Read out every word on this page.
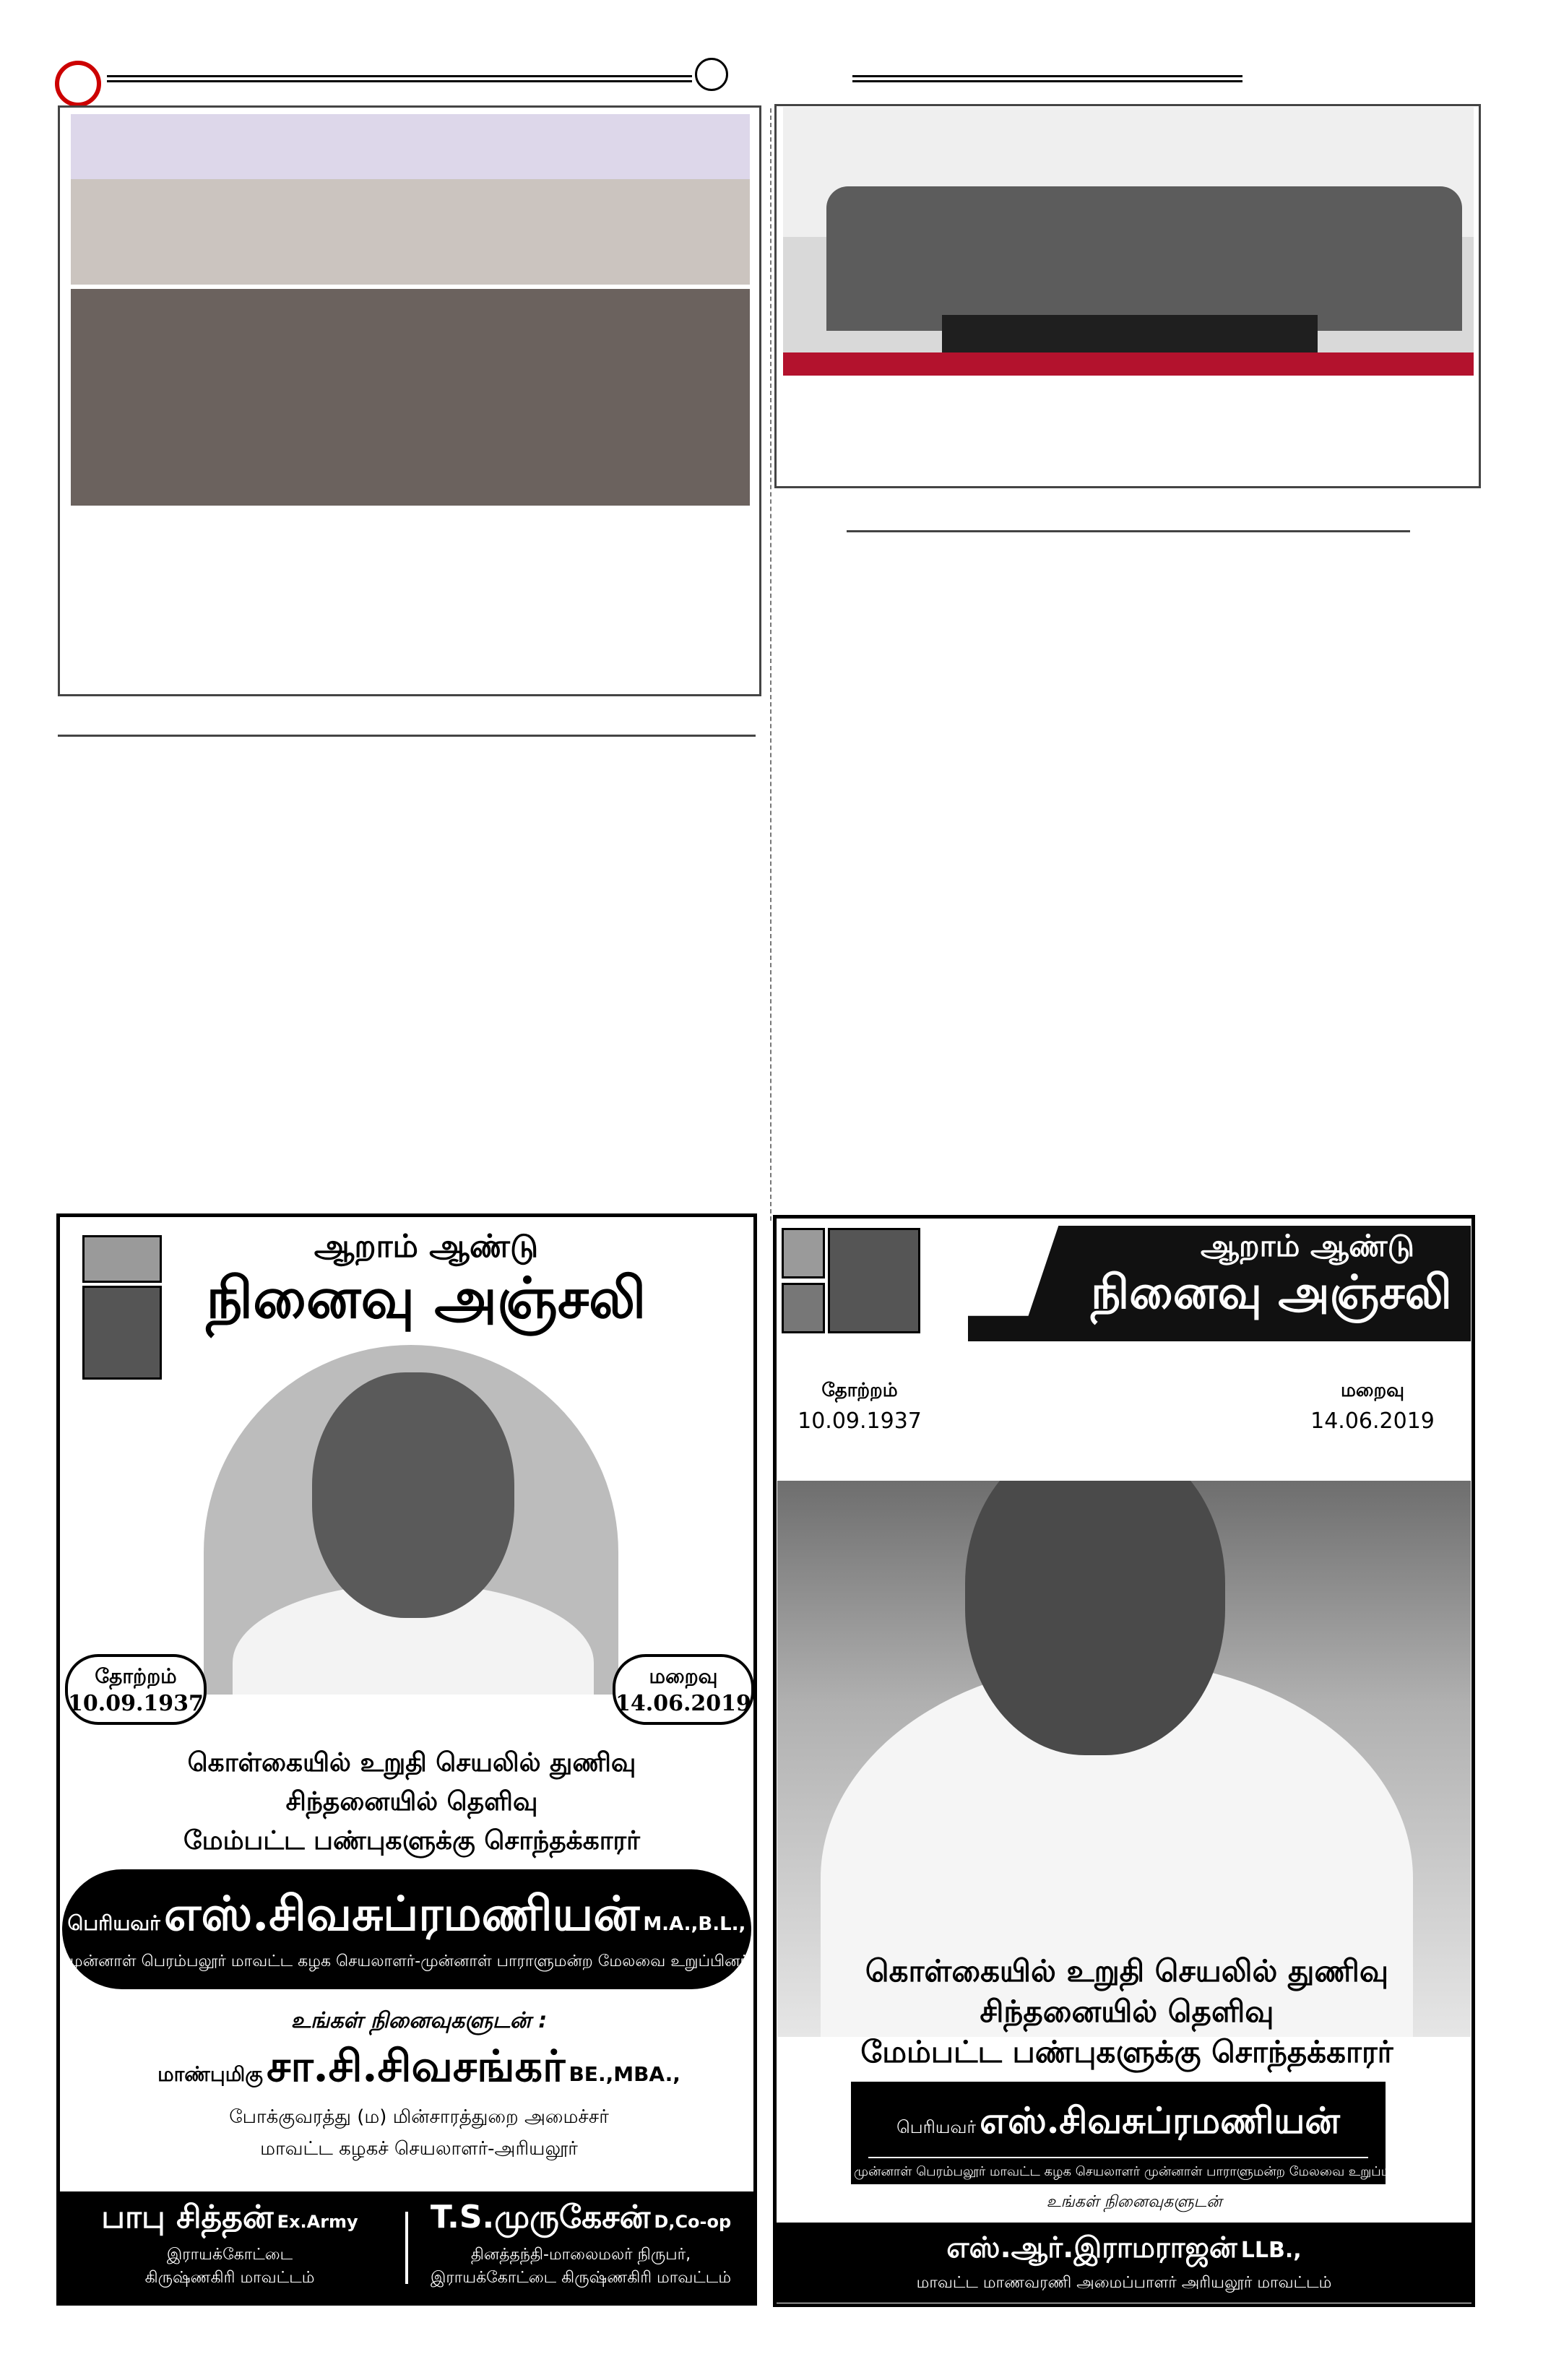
ஆறாம் ஆண்டு
நினைவு அஞ்சலி
தோற்றம்
10.09.1937
மறைவு
14.06.2019
கொள்கையில் உறுதி செயலில் துணிவு
சிந்தனையில் தெளிவு
மேம்பட்ட பண்புகளுக்கு சொந்தக்காரர்
பெரியவர் எஸ்.சிவசுப்ரமணியன் M.A.,B.L.,
முன்னாள் பெரம்பலூர் மாவட்ட கழக செயலாளர்-முன்னாள் பாராளுமன்ற மேலவை உறுப்பினர்
உங்கள் நினைவுகளுடன் :
மாண்புமிகு சா.சி.சிவசங்கர் BE.,MBA.,
போக்குவரத்து (ம) மின்சாரத்துறை அமைச்சர்
மாவட்ட கழகச் செயலாளர்-அரியலூர்
பாபு சித்தன் Ex.Army
இராயக்கோட்டை
கிருஷ்ணகிரி மாவட்டம்
T.S.முருகேசன் D,Co-op
தினத்தந்தி-மாலைமலர் நிருபர்,
இராயக்கோட்டை கிருஷ்ணகிரி மாவட்டம்
ஆறாம் ஆண்டு
நினைவு அஞ்சலி
தோற்றம்
10.09.1937
மறைவு
14.06.2019
கொள்கையில் உறுதி செயலில் துணிவு
சிந்தனையில் தெளிவு
மேம்பட்ட பண்புகளுக்கு சொந்தக்காரர்
பெரியவர் எஸ்.சிவசுப்ரமணியன்
முன்னாள் பெரம்பலூர் மாவட்ட கழக செயலாளர் முன்னாள் பாராளுமன்ற மேலவை உறுப்பினர்
உங்கள் நினைவுகளுடன்
எஸ்.ஆர்.இராமராஜன் LLB.,
மாவட்ட மாணவரணி அமைப்பாளர் அரியலூர் மாவட்டம்
